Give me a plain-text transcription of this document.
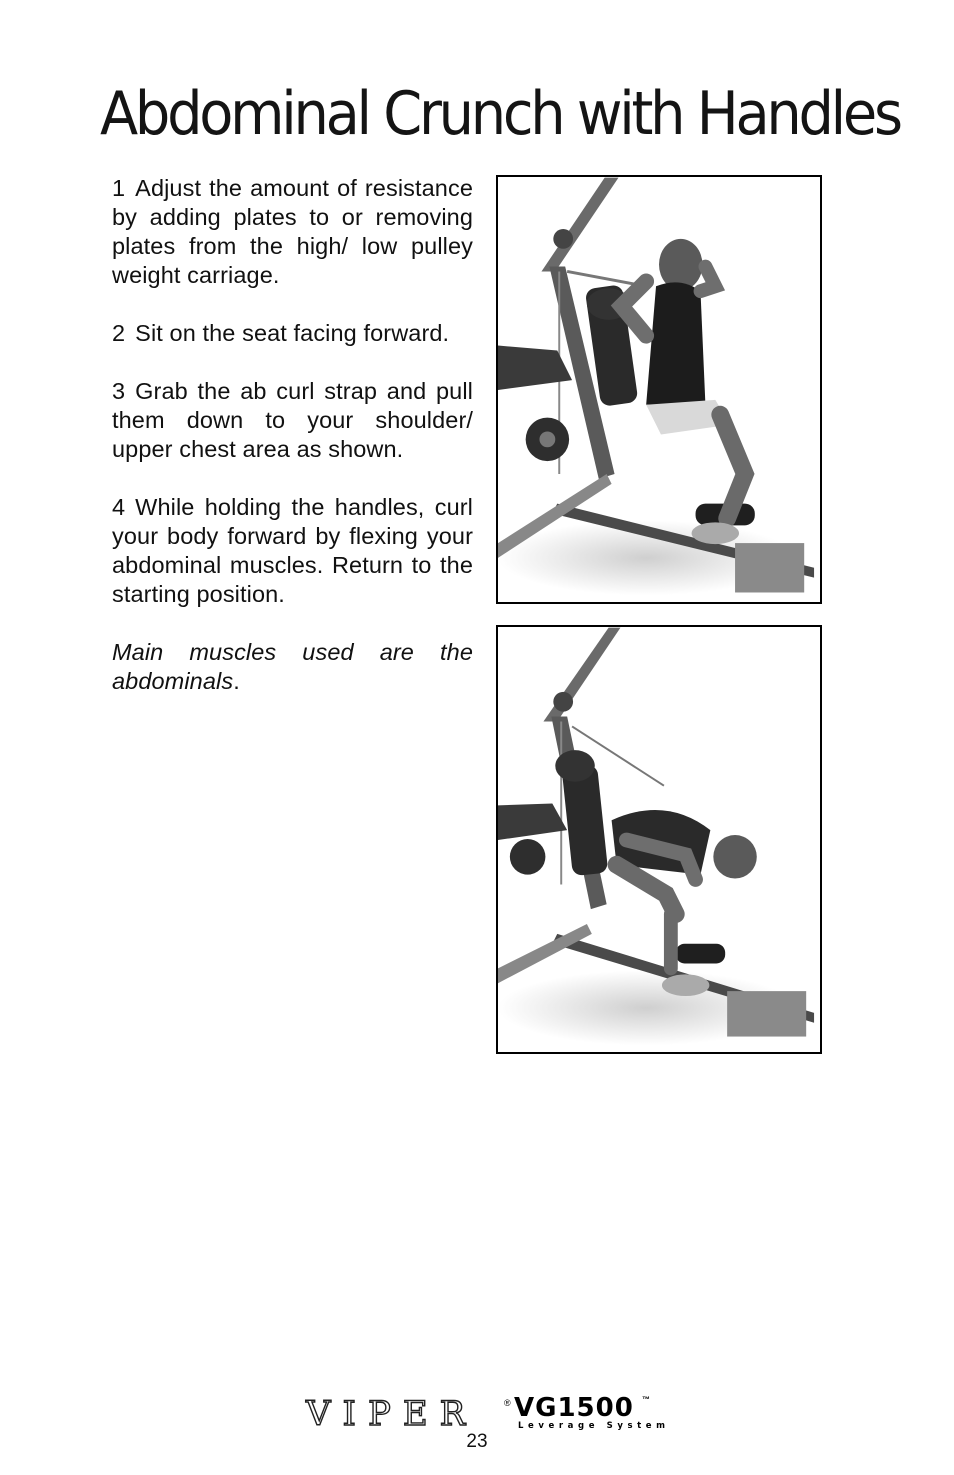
Abdominal Crunch with Handles

1 Adjust the amount of resistance by adding plates to or removing plates from the high/ low pulley weight carriage.

2 Sit on the seat facing forward.

3 Grab the ab curl strap and pull them down to your shoulder/ upper chest area as shown.

4 While holding the handles, curl your body forward by flexing your abdominal muscles. Return to the starting position.

Main muscles used are the abdominals.

VIPER	® VG1500 ™
Leverage System
23
